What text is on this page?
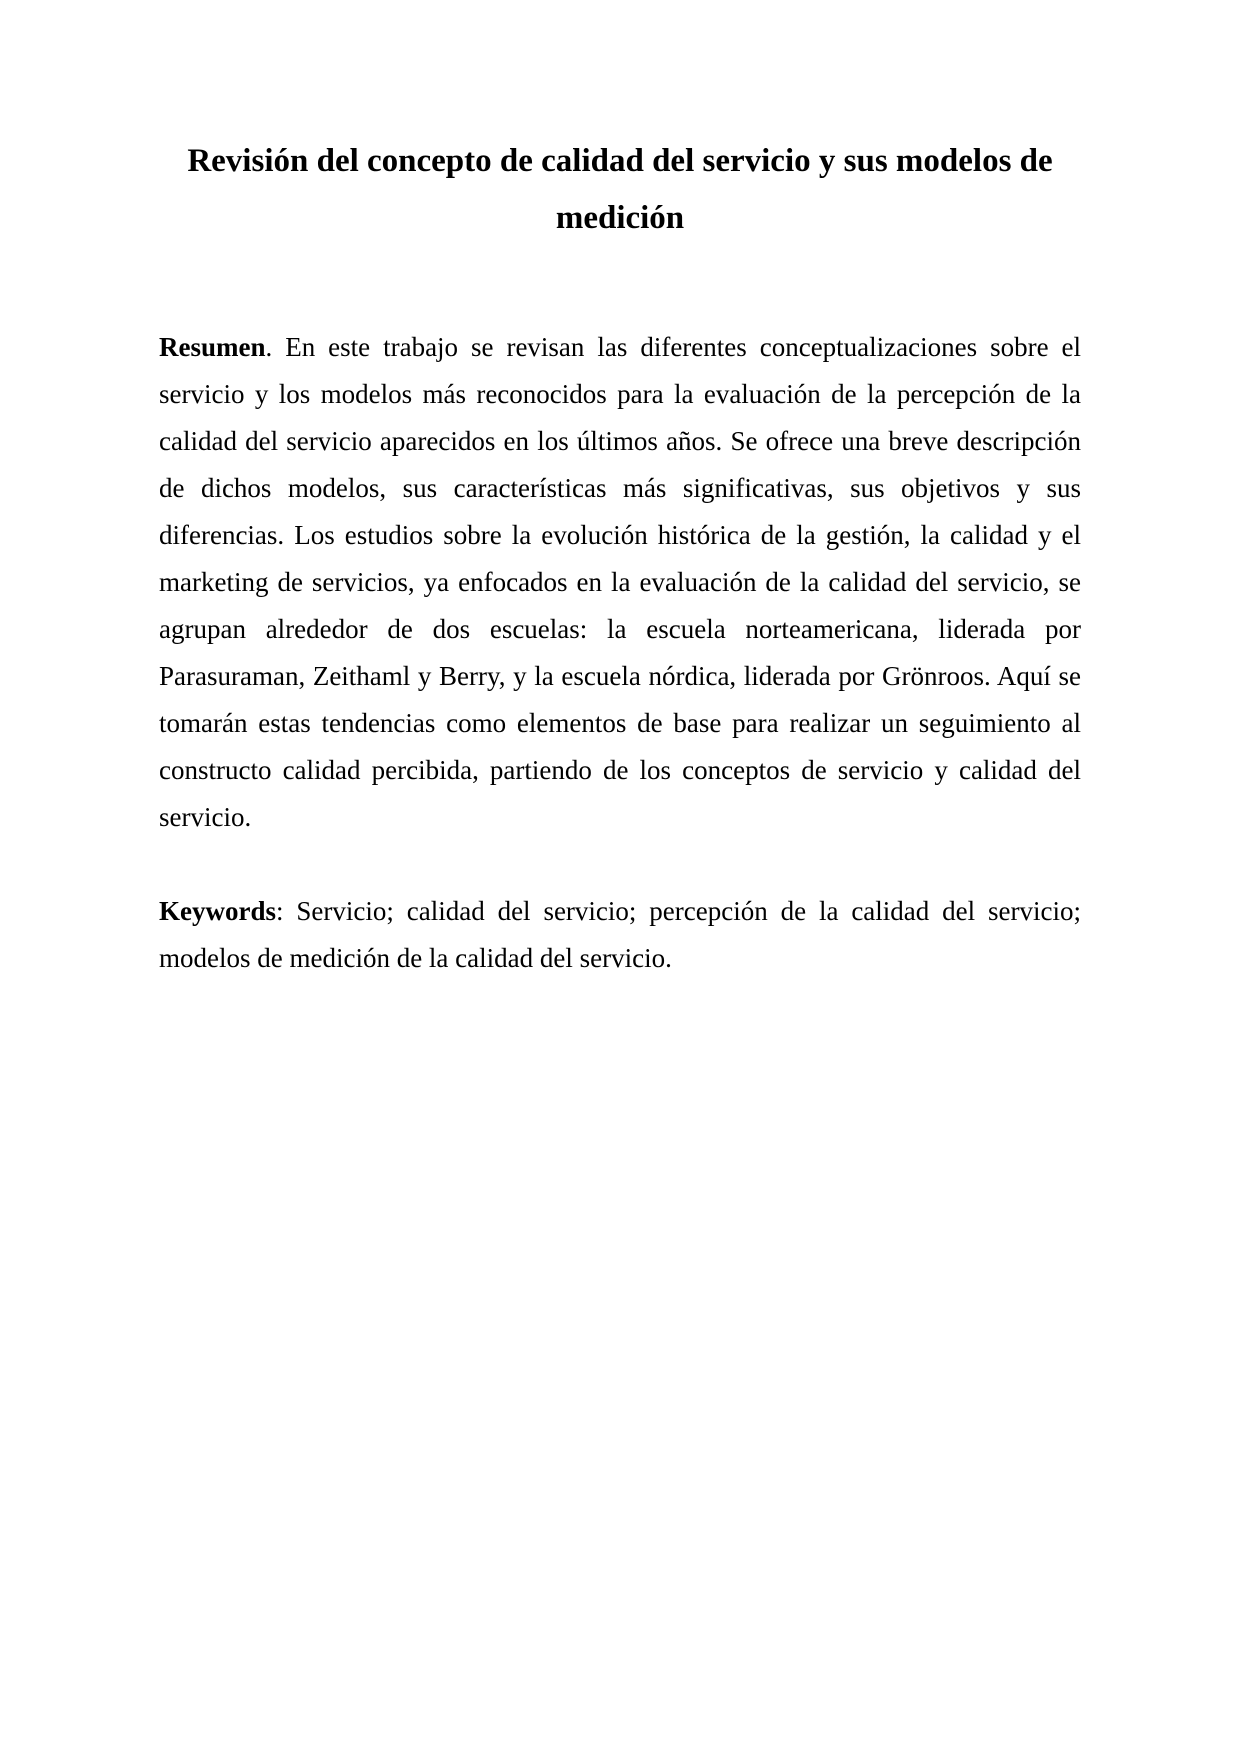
Revisión del concepto de calidad del servicio y sus modelos de
medición

Resumen. En este trabajo se revisan las diferentes conceptualizaciones sobre el servicio y los modelos más reconocidos para la evaluación de la percepción de la calidad del servicio aparecidos en los últimos años. Se ofrece una breve descripción de dichos modelos, sus características más significativas, sus objetivos y sus diferencias. Los estudios sobre la evolución histórica de la gestión, la calidad y el marketing de servicios, ya enfocados en la evaluación de la calidad del servicio, se agrupan alrededor de dos escuelas: la escuela norteamericana, liderada por Parasuraman, Zeithaml y Berry, y la escuela nórdica, liderada por Grönroos. Aquí se tomarán estas tendencias como elementos de base para realizar un seguimiento al constructo calidad percibida, partiendo de los conceptos de servicio y calidad del servicio.

Keywords: Servicio; calidad del servicio; percepción de la calidad del servicio; modelos de medición de la calidad del servicio.
